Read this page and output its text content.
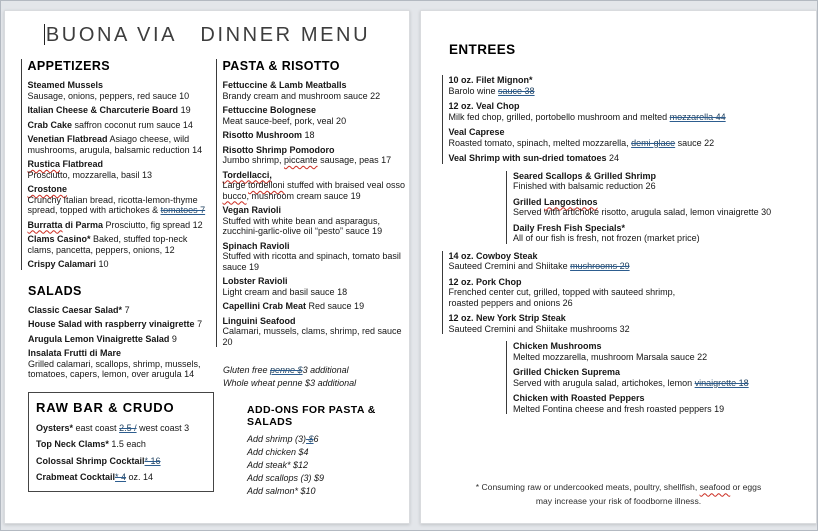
BUONA VIA   DINNER MENU
APPETIZERS
Steamed Mussels
Sausage, onions, peppers, red sauce 10
Italian Cheese & Charcuterie Board 19
Crab Cake saffron coconut rum sauce 14
Venetian Flatbread Asiago cheese, wild mushrooms, arugula, balsamic reduction 14
Rustica Flatbread
Prosciutto, mozzarella, basil 13
Crostone
Crunchy Italian bread, ricotta-lemon-thyme spread, topped with artichokes & tomatoes 7
Burratta di Parma Prosciutto, fig spread 12
Clams Casino* Baked, stuffed top-neck clams, pancetta, peppers, onions, 12
Crispy Calamari 10
SALADS
Classic Caesar Salad* 7
House Salad with raspberry vinaigrette 7
Arugula Lemon Vinaigrette Salad 9
Insalata Frutti di Mare
Grilled calamari, scallops, shrimp, mussels, tomatoes, capers, lemon, over arugula 14
RAW BAR & CRUDO
Oysters* east coast 2.5 / west coast 3
Top Neck Clams* 1.5 each
Colossal Shrimp Cocktail* 16
Crabmeat Cocktail* 4 oz. 14
PASTA & RISOTTO
Fettuccine & Lamb Meatballs
Brandy cream and mushroom sauce 22
Fettuccine Bolognese
Meat sauce-beef, pork, veal 20
Risotto Mushroom 18
Risotto Shrimp Pomodoro
Jumbo shrimp, piccante sausage, peas 17
Tordellacci,
Large tordelloni stuffed with braised veal osso bucco, mushroom cream sauce 19
Vegan Ravioli
Stuffed with white bean and asparagus, zucchini-garlic-olive oil “pesto” sauce 19
Spinach Ravioli
Stuffed with ricotta and spinach, tomato basil sauce 19
Lobster Ravioli
Light cream and basil sauce 18
Capellini Crab Meat Red sauce 19
Linguini Seafood
Calamari, mussels, clams, shrimp, red sauce 20
Gluten free penne $3 additional
Whole wheat penne $3 additional
ADD-ONS FOR PASTA & SALADS
Add shrimp (3) $6
Add chicken $4
Add steak* $12
Add scallops (3) $9
Add salmon* $10
ENTREES
10 oz. Filet Mignon*
Barolo wine sauce 38
12 oz. Veal Chop
Milk fed chop, grilled, portobello mushroom and melted mozzarella 44
Veal Caprese
Roasted tomato, spinach, melted mozzarella, demi-glace sauce 22
Veal Shrimp with sun-dried tomatoes 24
Seared Scallops & Grilled Shrimp
Finished with balsamic reduction 26
Grilled Langostinos
Served with artichoke risotto, arugula salad, lemon vinaigrette 30
Daily Fresh Fish Specials*
All of our fish is fresh, not frozen (market price)
14 oz. Cowboy Steak
Sauteed Cremini and Shiitake mushrooms 29
12 oz. Pork Chop
Frenched center cut, grilled, topped with sauteed shrimp,
roasted peppers and onions 26
12 oz. New York Strip Steak
Sauteed Cremini and Shiitake mushrooms 32
Chicken Mushrooms
Melted mozzarella, mushroom Marsala sauce 22
Grilled Chicken Suprema
Served with arugula salad, artichokes, lemon vinaigrette 18
Chicken with Roasted Peppers
Melted Fontina cheese and fresh roasted peppers 19
* Consuming raw or undercooked meats, poultry, shellfish, seafood or eggs
may increase your risk of foodborne illness.
